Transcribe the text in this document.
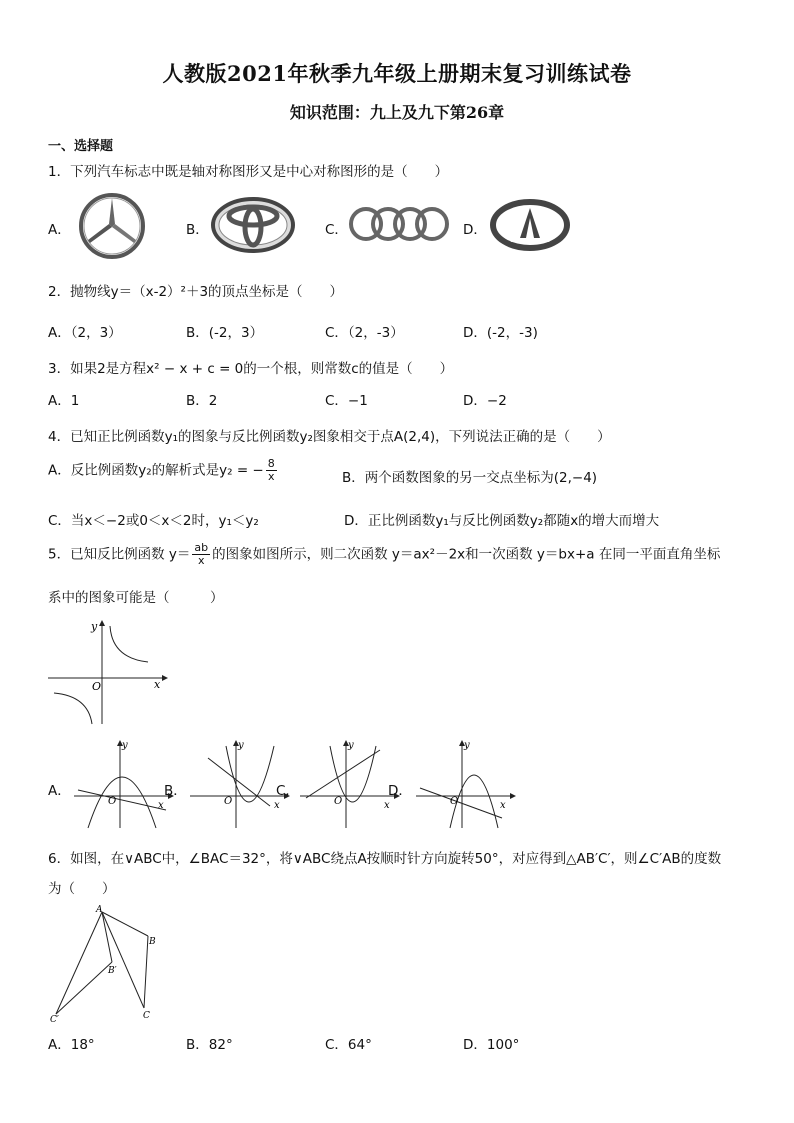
人教版2021年秋季九年级上册期末复习训练试卷
知识范围：九上及九下第26章
一、选择题
1．下列汽车标志中既是轴对称图形又是中心对称图形的是（　　）
A．	B．	C．	D．
2．抛物线y＝（x-2）²＋3的顶点坐标是（　　）
A．（2，3）	B．(-2，3）	C．（2，-3）	D．(-2，-3)
3．如果2是方程x² − x + c = 0的一个根，则常数c的值是（　　）
A．1	B．2	C．−1	D．−2
4．已知正比例函数y₁的图象与反比例函数y₂图象相交于点A(2,4)，下列说法正确的是（　　）
A．反比例函数y₂的解析式是y₂ = − $\frac{8}{x}$	B．两个函数图象的另一交点坐标为(2,−4)
C．当x＜−2或0＜x＜2时，y₁＜y₂	D．正比例函数y₁与反比例函数y₂都随x的增大而增大
5．已知反比例函数 $y= \frac{ab}{x}$ 的图象如图所示，则二次函数 y＝ax²－2x和一次函数 y＝bx+a 在同一平面直角坐标
系中的图象可能是（　　　）
y
x
O
A．
y
x
O
B．
y
x
O
C．
y
x
O
D．
y
x
O
6．如图，在∨ABC中，∠BAC＝32°，将∨ABC绕点A按顺时针方向旋转50°，对应得到△AB′C′，则∠C′AB的度数
为（　　）
A
B
B′
C
C′
A．18°	B．82°	C．64°	D．100°
